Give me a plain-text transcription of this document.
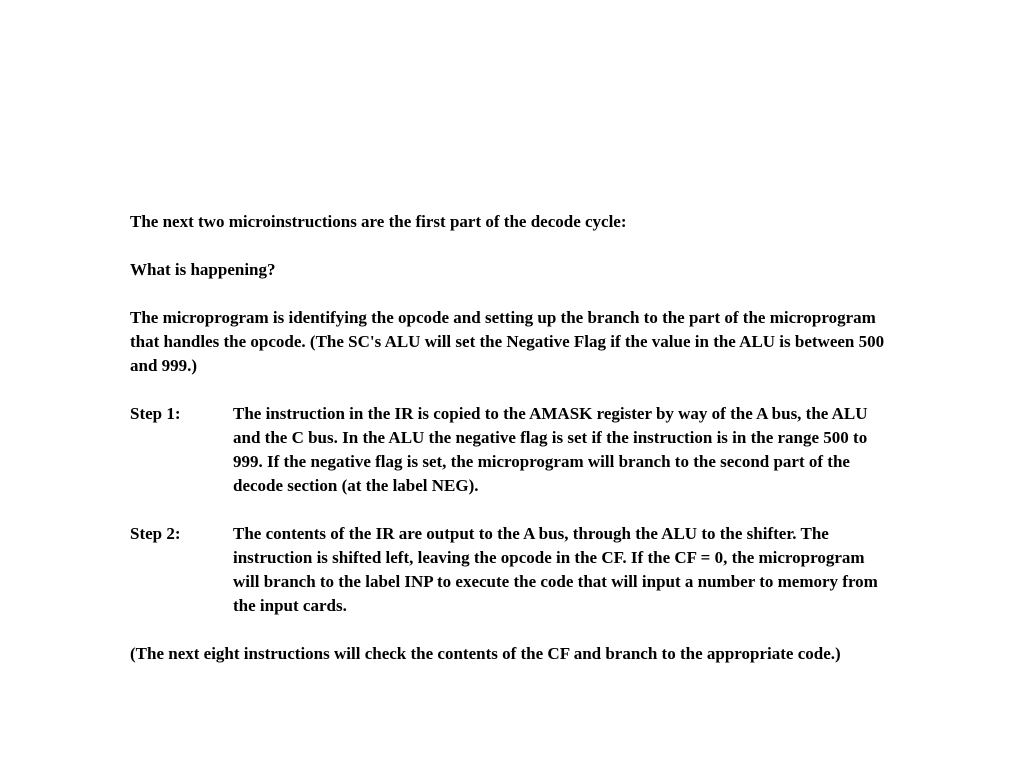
The next two microinstructions are the first part of the decode cycle:

What is happening?

The microprogram is identifying the opcode and setting up the branch to the part of the microprogram that handles the opcode. (The SC's ALU will set the Negative Flag if the value in the ALU is between 500 and 999.)

Step 1:	The instruction in the IR is copied to the AMASK register by way of the A bus, the ALU and the C bus. In the ALU the negative flag is set if the instruction is in the range 500 to 999. If the negative flag is set, the microprogram will branch to the second part of the decode section (at the label NEG).
Step 2:	The contents of the IR are output to the A bus, through the ALU to the shifter. The instruction is shifted left, leaving the opcode in the CF. If the CF = 0, the microprogram will branch to the label INP to execute the code that will input a number to memory from the input cards.

(The next eight instructions will check the contents of the CF and branch to the appropriate code.)
